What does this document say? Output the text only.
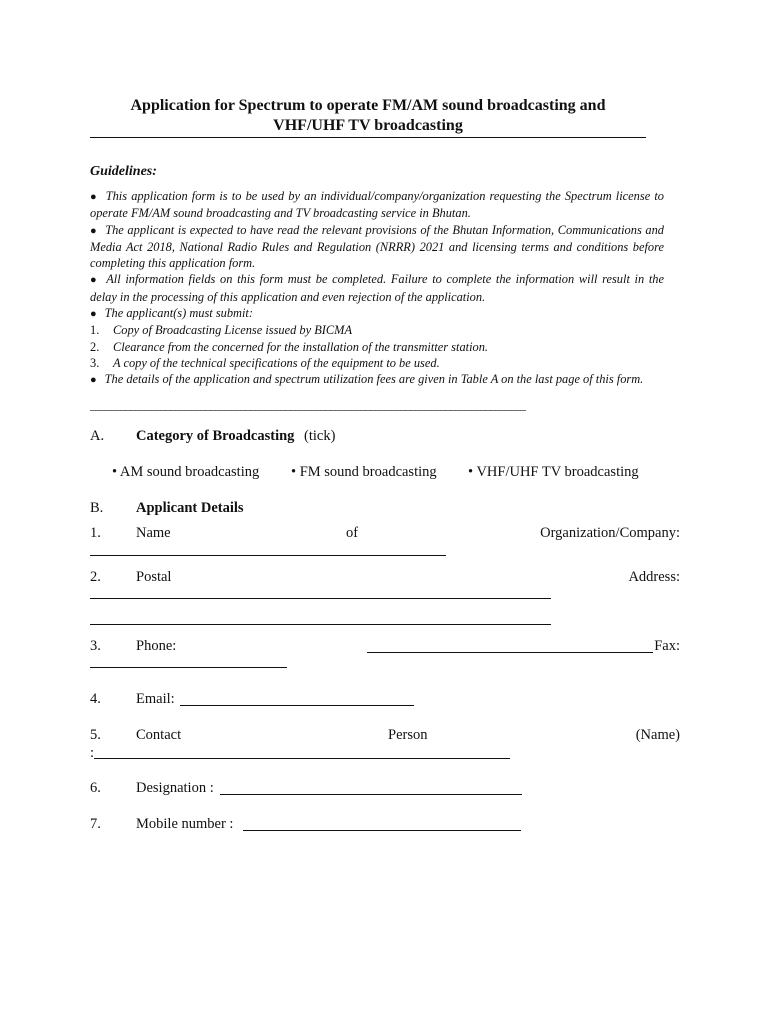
Application for Spectrum to operate FM/AM sound broadcasting and
VHF/UHF TV broadcasting
Guidelines:

● This application form is to be used by an individual/company/organization requesting the Spectrum license to operate FM/AM sound broadcasting and TV broadcasting service in Bhutan.

● The applicant is expected to have read the relevant provisions of the Bhutan Information, Communications and Media Act 2018, National Radio Rules and Regulation (NRRR) 2021 and licensing terms and conditions before completing this application form.

● All information fields on this form must be completed. Failure to complete the information will result in the delay in the processing of this application and even rejection of the application.

● The applicant(s) must submit:

1. Copy of Broadcasting License issued by BICMA

2. Clearance from the concerned for the installation of the transmitter station.

3. A copy of the technical specifications of the equipment to be used.

● The details of the application and spectrum utilization fees are given in Table A on the last page of this form.

_______________________________________________________________________________________
A. Category of Broadcasting (tick)
• AM sound broadcasting • FM sound broadcasting • VHF/UHF TV broadcasting
B. Applicant Details
1. Name	of	Organization/Company:
2. Postal	Address:
3. Phone:	Fax:
4. Email:
5. Contact	Person	(Name)
:
6. Designation :
7. Mobile number :
